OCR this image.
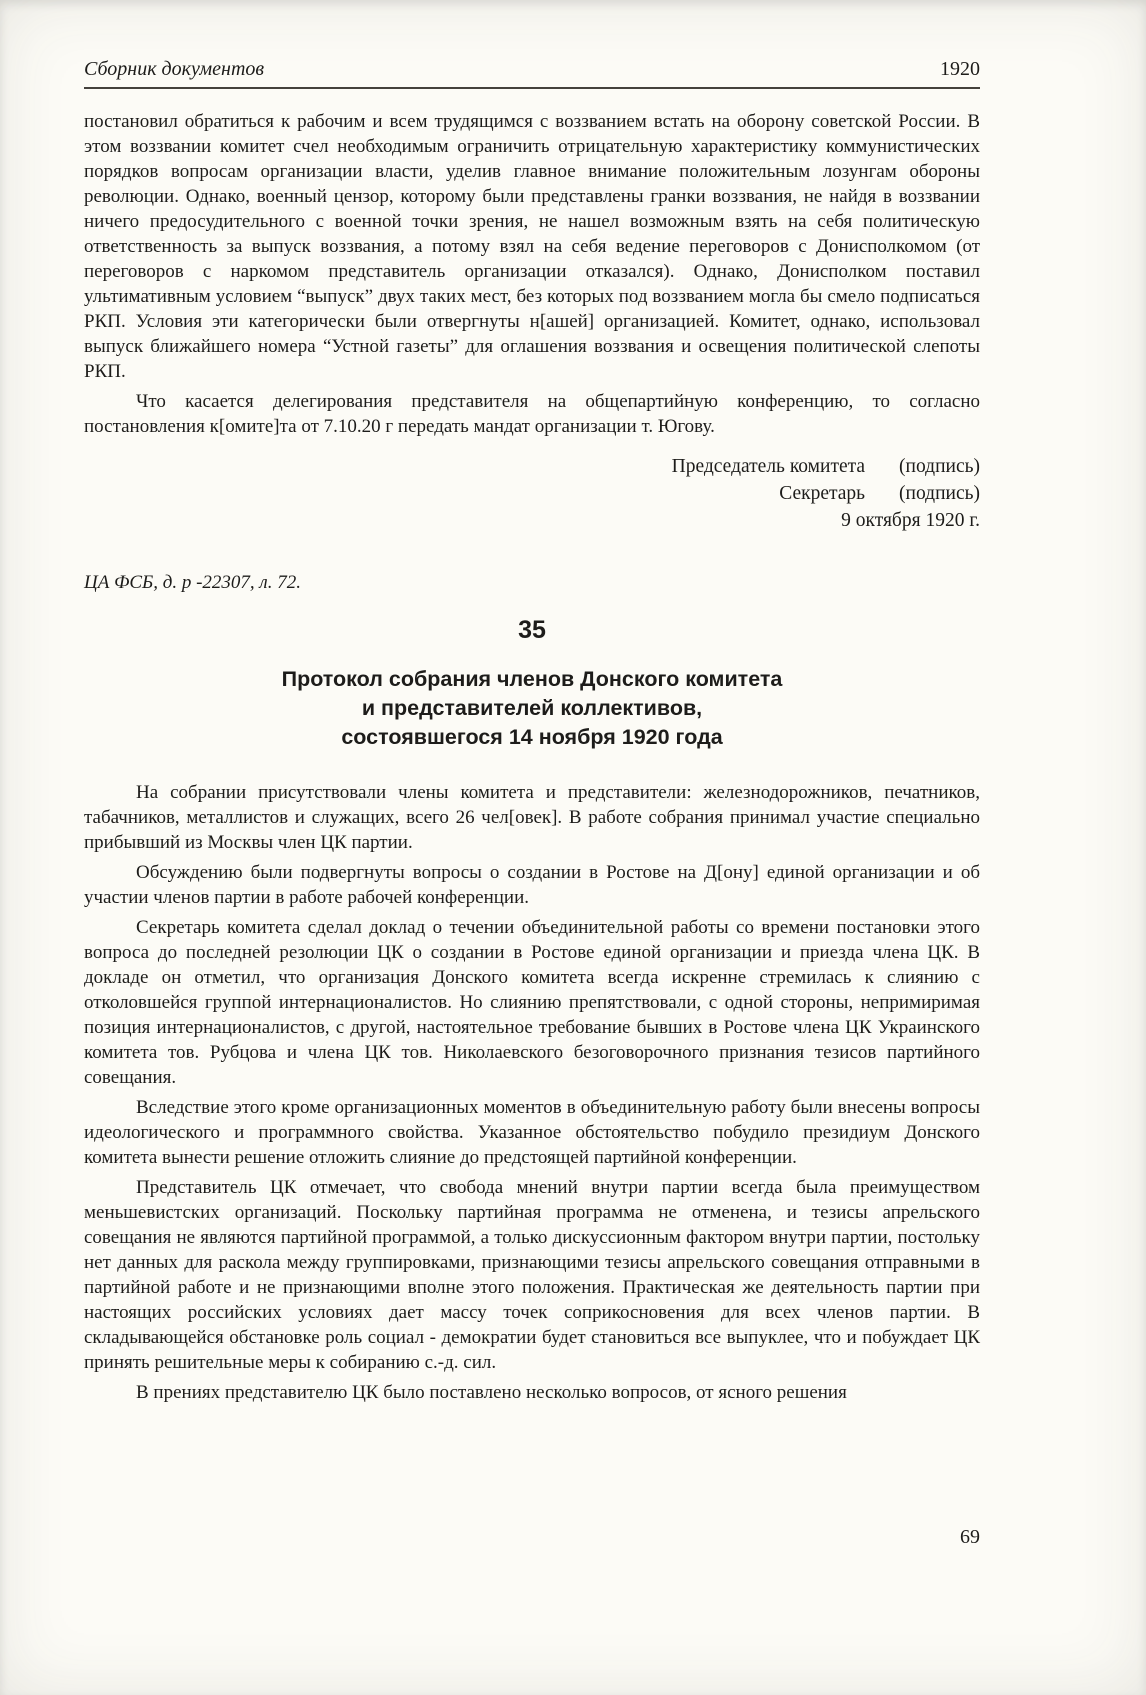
Сборник документов	1920

постановил обратиться к рабочим и всем трудящимся с воззванием встать на оборону советской России. В этом воззвании комитет счел необходимым ограничить отрицательную характеристику коммунистических порядков вопросам организации власти, уделив главное внимание положительным лозунгам обороны революции. Однако, военный цензор, которому были представлены гранки воззвания, не найдя в воззвании ничего предосудительного с военной точки зрения, не нашел возможным взять на себя политическую ответственность за выпуск воззвания, а потому взял на себя ведение переговоров с Донисполкомом (от переговоров с наркомом представитель организации отказался). Однако, Донисполком поставил ультимативным условием “выпуск” двух таких мест, без которых под воззванием могла бы смело подписаться РКП. Условия эти категорически были отвергнуты н[ашей] организацией. Комитет, однако, использовал выпуск ближайшего номера “Устной газеты” для оглашения воззвания и освещения политической слепоты РКП.

Что касается делегирования представителя на общепартийную конференцию, то согласно постановления к[омите]та от 7.10.20 г передать мандат организации т. Югову.

Председатель комитета (подпись)
Секретарь (подпись)
9 октября 1920 г.

ЦА ФСБ, д. р -22307, л. 72.

35
Протокол собрания членов Донского комитета
и представителей коллективов,
состоявшегося 14 ноября 1920 года

На собрании присутствовали члены комитета и представители: железнодорожников, печатников, табачников, металлистов и служащих, всего 26 чел[овек]. В работе собрания принимал участие специально прибывший из Москвы член ЦК партии.

Обсуждению были подвергнуты вопросы о создании в Ростове на Д[ону] единой организации и об участии членов партии в работе рабочей конференции.

Секретарь комитета сделал доклад о течении объединительной работы со времени постановки этого вопроса до последней резолюции ЦК о создании в Ростове единой организации и приезда члена ЦК. В докладе он отметил, что организация Донского комитета всегда искренне стремилась к слиянию с отколовшейся группой интернационалистов. Но слиянию препятствовали, с одной стороны, непримиримая позиция интернационалистов, с другой, настоятельное требование бывших в Ростове члена ЦК Украинского комитета тов. Рубцова и члена ЦК тов. Николаевского безоговорочного признания тезисов партийного совещания.

Вследствие этого кроме организационных моментов в объединительную работу были внесены вопросы идеологического и программного свойства. Указанное обстоятельство побудило президиум Донского комитета вынести решение отложить слияние до предстоящей партийной конференции.

Представитель ЦК отмечает, что свобода мнений внутри партии всегда была преимуществом меньшевистских организаций. Поскольку партийная программа не отменена, и тезисы апрельского совещания не являются партийной программой, а только дискуссионным фактором внутри партии, постольку нет данных для раскола между группировками, признающими тезисы апрельского совещания отправными в партийной работе и не признающими вполне этого положения. Практическая же деятельность партии при настоящих российских условиях дает массу точек соприкосновения для всех членов партии. В складывающейся обстановке роль социал - демократии будет становиться все выпуклее, что и побуждает ЦК принять решительные меры к собиранию с.-д. сил.

В прениях представителю ЦК было поставлено несколько вопросов, от ясного решения

69
